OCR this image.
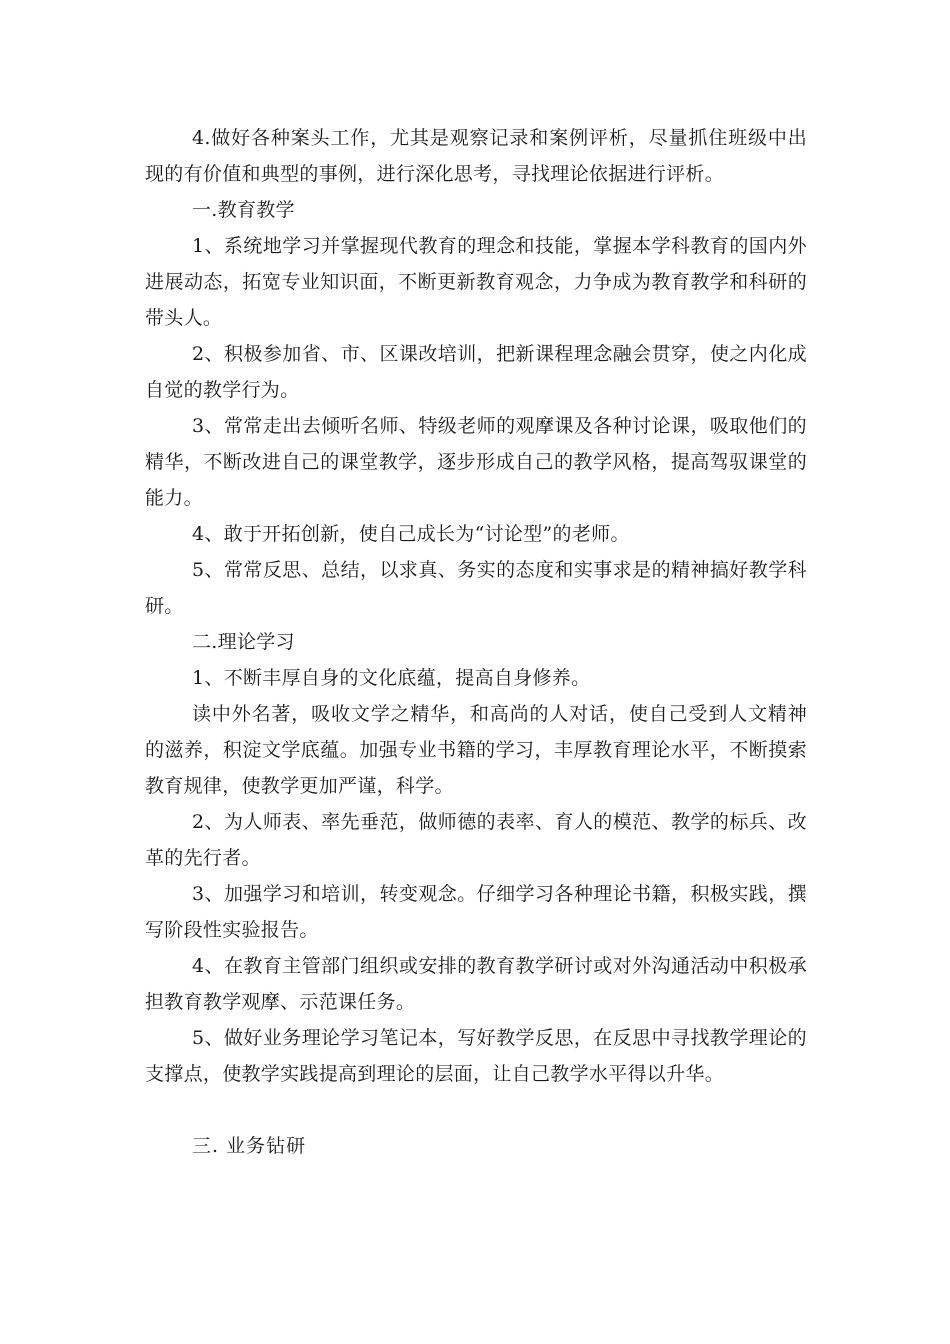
4.做好各种案头工作，尤其是观察记录和案例评析，尽量抓住班级中出现的有价值和典型的事例，进行深化思考，寻找理论依据进行评析。

一.教育教学

1、系统地学习并掌握现代教育的理念和技能，掌握本学科教育的国内外进展动态，拓宽专业知识面，不断更新教育观念，力争成为教育教学和科研的带头人。

2、积极参加省、市、区课改培训，把新课程理念融会贯穿，使之内化成自觉的教学行为。

3、常常走出去倾听名师、特级老师的观摩课及各种讨论课，吸取他们的精华，不断改进自己的课堂教学，逐步形成自己的教学风格，提高驾驭课堂的能力。

4、敢于开拓创新，使自己成长为“讨论型”的老师。

5、常常反思、总结，以求真、务实的态度和实事求是的精神搞好教学科研。

二.理论学习

1、不断丰厚自身的文化底蕴，提高自身修养。

读中外名著，吸收文学之精华，和高尚的人对话，使自己受到人文精神的滋养，积淀文学底蕴。加强专业书籍的学习，丰厚教育理论水平，不断摸索教育规律，使教学更加严谨，科学。

2、为人师表、率先垂范，做师德的表率、育人的模范、教学的标兵、改革的先行者。

3、加强学习和培训，转变观念。仔细学习各种理论书籍，积极实践，撰写阶段性实验报告。

4、在教育主管部门组织或安排的教育教学研讨或对外沟通活动中积极承担教育教学观摩、示范课任务。

5、做好业务理论学习笔记本，写好教学反思，在反思中寻找教学理论的支撑点，使教学实践提高到理论的层面，让自己教学水平得以升华。

三. 业务钻研
